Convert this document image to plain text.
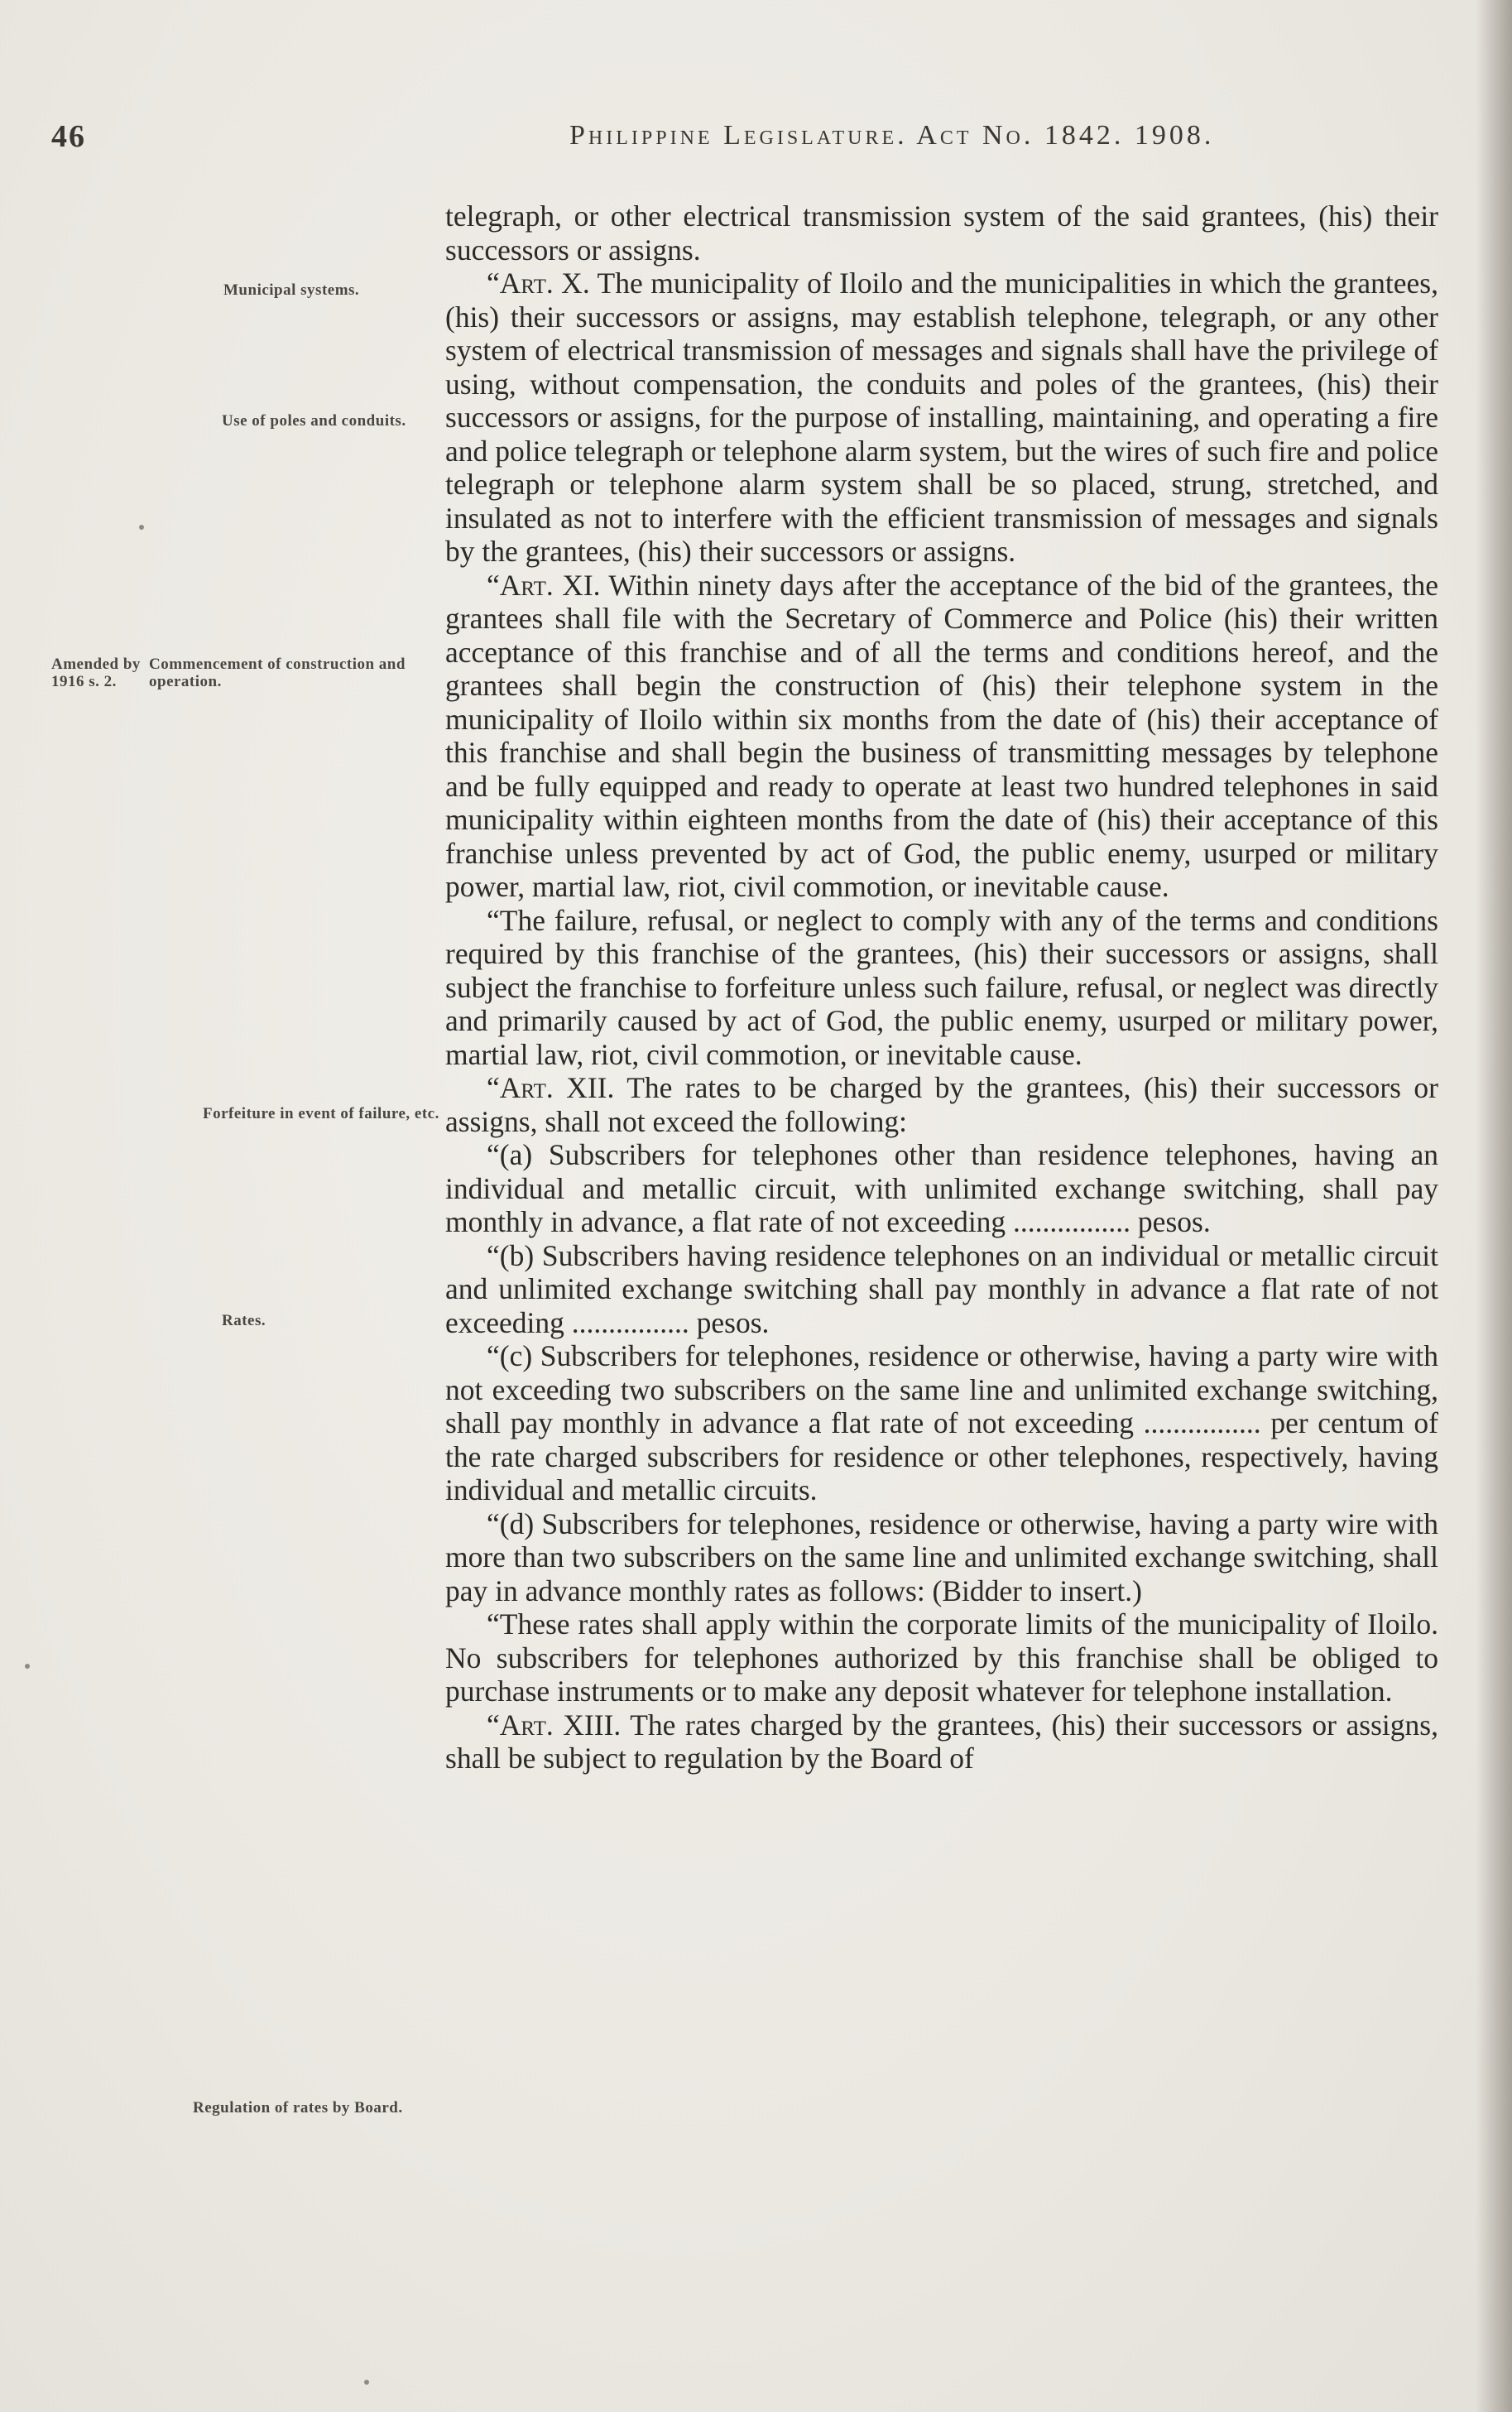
46	Philippine Legislature. Act No. 1842. 1908.
Municipal systems.
Use of poles and conduits.
Amended by 1916 s. 2.
Commencement of construction and operation.
Forfeiture in event of failure, etc.
Rates.
Regulation of rates by Board.

telegraph, or other electrical transmission system of the said grantees, (his) their successors or assigns.

“Art. X. The municipality of Iloilo and the municipalities in which the grantees, (his) their successors or assigns, may establish telephone, telegraph, or any other system of electrical transmission of messages and signals shall have the privilege of using, without compensation, the conduits and poles of the grantees, (his) their successors or assigns, for the purpose of installing, maintaining, and operating a fire and police telegraph or telephone alarm system, but the wires of such fire and police telegraph or telephone alarm system shall be so placed, strung, stretched, and insulated as not to interfere with the efficient transmission of messages and signals by the grantees, (his) their successors or assigns.

“Art. XI. Within ninety days after the acceptance of the bid of the grantees, the grantees shall file with the Secretary of Commerce and Police (his) their written acceptance of this franchise and of all the terms and conditions hereof, and the grantees shall begin the construction of (his) their telephone system in the municipality of Iloilo within six months from the date of (his) their acceptance of this franchise and shall begin the business of transmitting messages by telephone and be fully equipped and ready to operate at least two hundred telephones in said municipality within eighteen months from the date of (his) their acceptance of this franchise unless prevented by act of God, the public enemy, usurped or military power, martial law, riot, civil commotion, or inevitable cause.

“The failure, refusal, or neglect to comply with any of the terms and conditions required by this franchise of the grantees, (his) their successors or assigns, shall subject the franchise to forfeiture unless such failure, refusal, or neglect was directly and primarily caused by act of God, the public enemy, usurped or military power, martial law, riot, civil commotion, or inevitable cause.

“Art. XII. The rates to be charged by the grantees, (his) their successors or assigns, shall not exceed the following:

“(a) Subscribers for telephones other than residence telephones, having an individual and metallic circuit, with unlimited exchange switching, shall pay monthly in advance, a flat rate of not exceeding ................ pesos.

“(b) Subscribers having residence telephones on an individual or metallic circuit and unlimited exchange switching shall pay monthly in advance a flat rate of not exceeding ................ pesos.

“(c) Subscribers for telephones, residence or otherwise, having a party wire with not exceeding two subscribers on the same line and unlimited exchange switching, shall pay monthly in advance a flat rate of not exceeding ................ per centum of the rate charged subscribers for residence or other telephones, respectively, having individual and metallic circuits.

“(d) Subscribers for telephones, residence or otherwise, having a party wire with more than two subscribers on the same line and unlimited exchange switching, shall pay in advance monthly rates as follows: (Bidder to insert.)

“These rates shall apply within the corporate limits of the municipality of Iloilo. No subscribers for telephones authorized by this franchise shall be obliged to purchase instruments or to make any deposit whatever for telephone installation.

“Art. XIII. The rates charged by the grantees, (his) their successors or assigns, shall be subject to regulation by the Board of
